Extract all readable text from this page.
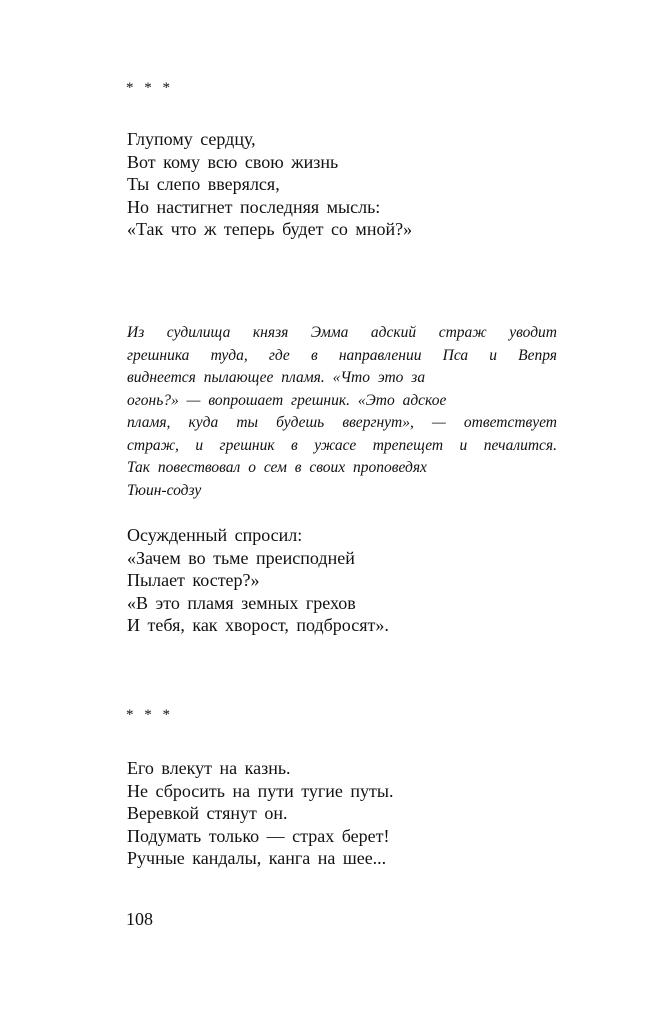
* * *
Глупому сердцу,
Вот кому всю свою жизнь
Ты слепо вверялся,
Но настигнет последняя мысль:
«Так что ж теперь будет со мной?»
Из судилища князя Эмма адский страж уводит
грешника туда, где в направлении Пса и Вепря
виднеется пылающее пламя. «Что это за
огонь?» — вопрошает грешник. «Это адское
пламя, куда ты будешь ввергнут», — ответствует
страж, и грешник в ужасе трепещет и печалится.
Так повествовал о сем в своих проповедях
Тюин-содзу
Осужденный спросил:
«Зачем во тьме преисподней
Пылает костер?»
«В это пламя земных грехов
И тебя, как хворост, подбросят».
* * *
Его влекут на казнь.
Не сбросить на пути тугие путы.
Веревкой стянут он.
Подумать только — страх берет!
Ручные кандалы, канга на шее...
108
